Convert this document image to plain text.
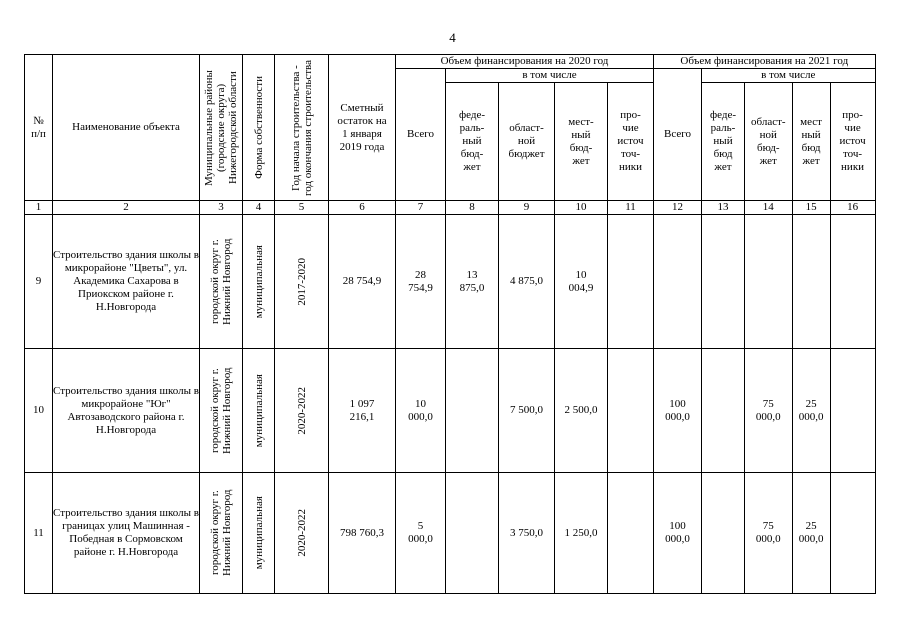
4
№ п/п	Наименование объекта	Муниципальные районы (городские округа) Нижегородской области	Форма собственности	Год начала строительства - год окончания строительства	Сметный остаток на 1 января 2019 года	Объем финансирования на 2020 год					Объем финансирования на 2021 год				
						Всего	в том числе				Всего	в том числе			
							феде-раль-ный бюд-жет	област-ной бюджет	мест-ный бюд-жет	про-чие источ точ-ники		феде-раль-ный бюд жет	област-ной бюд-жет	мест ный бюд жет	про-чие источ точ-ники
1	2	3	4	5	6	7	8	9	10	11	12	13	14	15	16
9	Строительство здания школы в микрорайоне "Цветы", ул. Академика Сахарова в Приокском районе г. Н.Новгорода	городской округ г. Нижний Новгород	муниципальная	2017-2020	28 754,9	28 754,9	13 875,0	4 875,0	10 004,9						
10	Строительство здания школы в микрорайоне "Юг" Автозаводского района г. Н.Новгорода	городской округ г. Нижний Новгород	муниципальная	2020-2022	1 097 216,1	10 000,0		7 500,0	2 500,0		100 000,0		75 000,0	25 000,0	
11	Строительство здания школы в границах улиц Машинная - Победная в Сормовском районе г. Н.Новгорода	городской округ г. Нижний Новгород	муниципальная	2020-2022	798 760,3	5 000,0		3 750,0	1 250,0		100 000,0		75 000,0	25 000,0	
